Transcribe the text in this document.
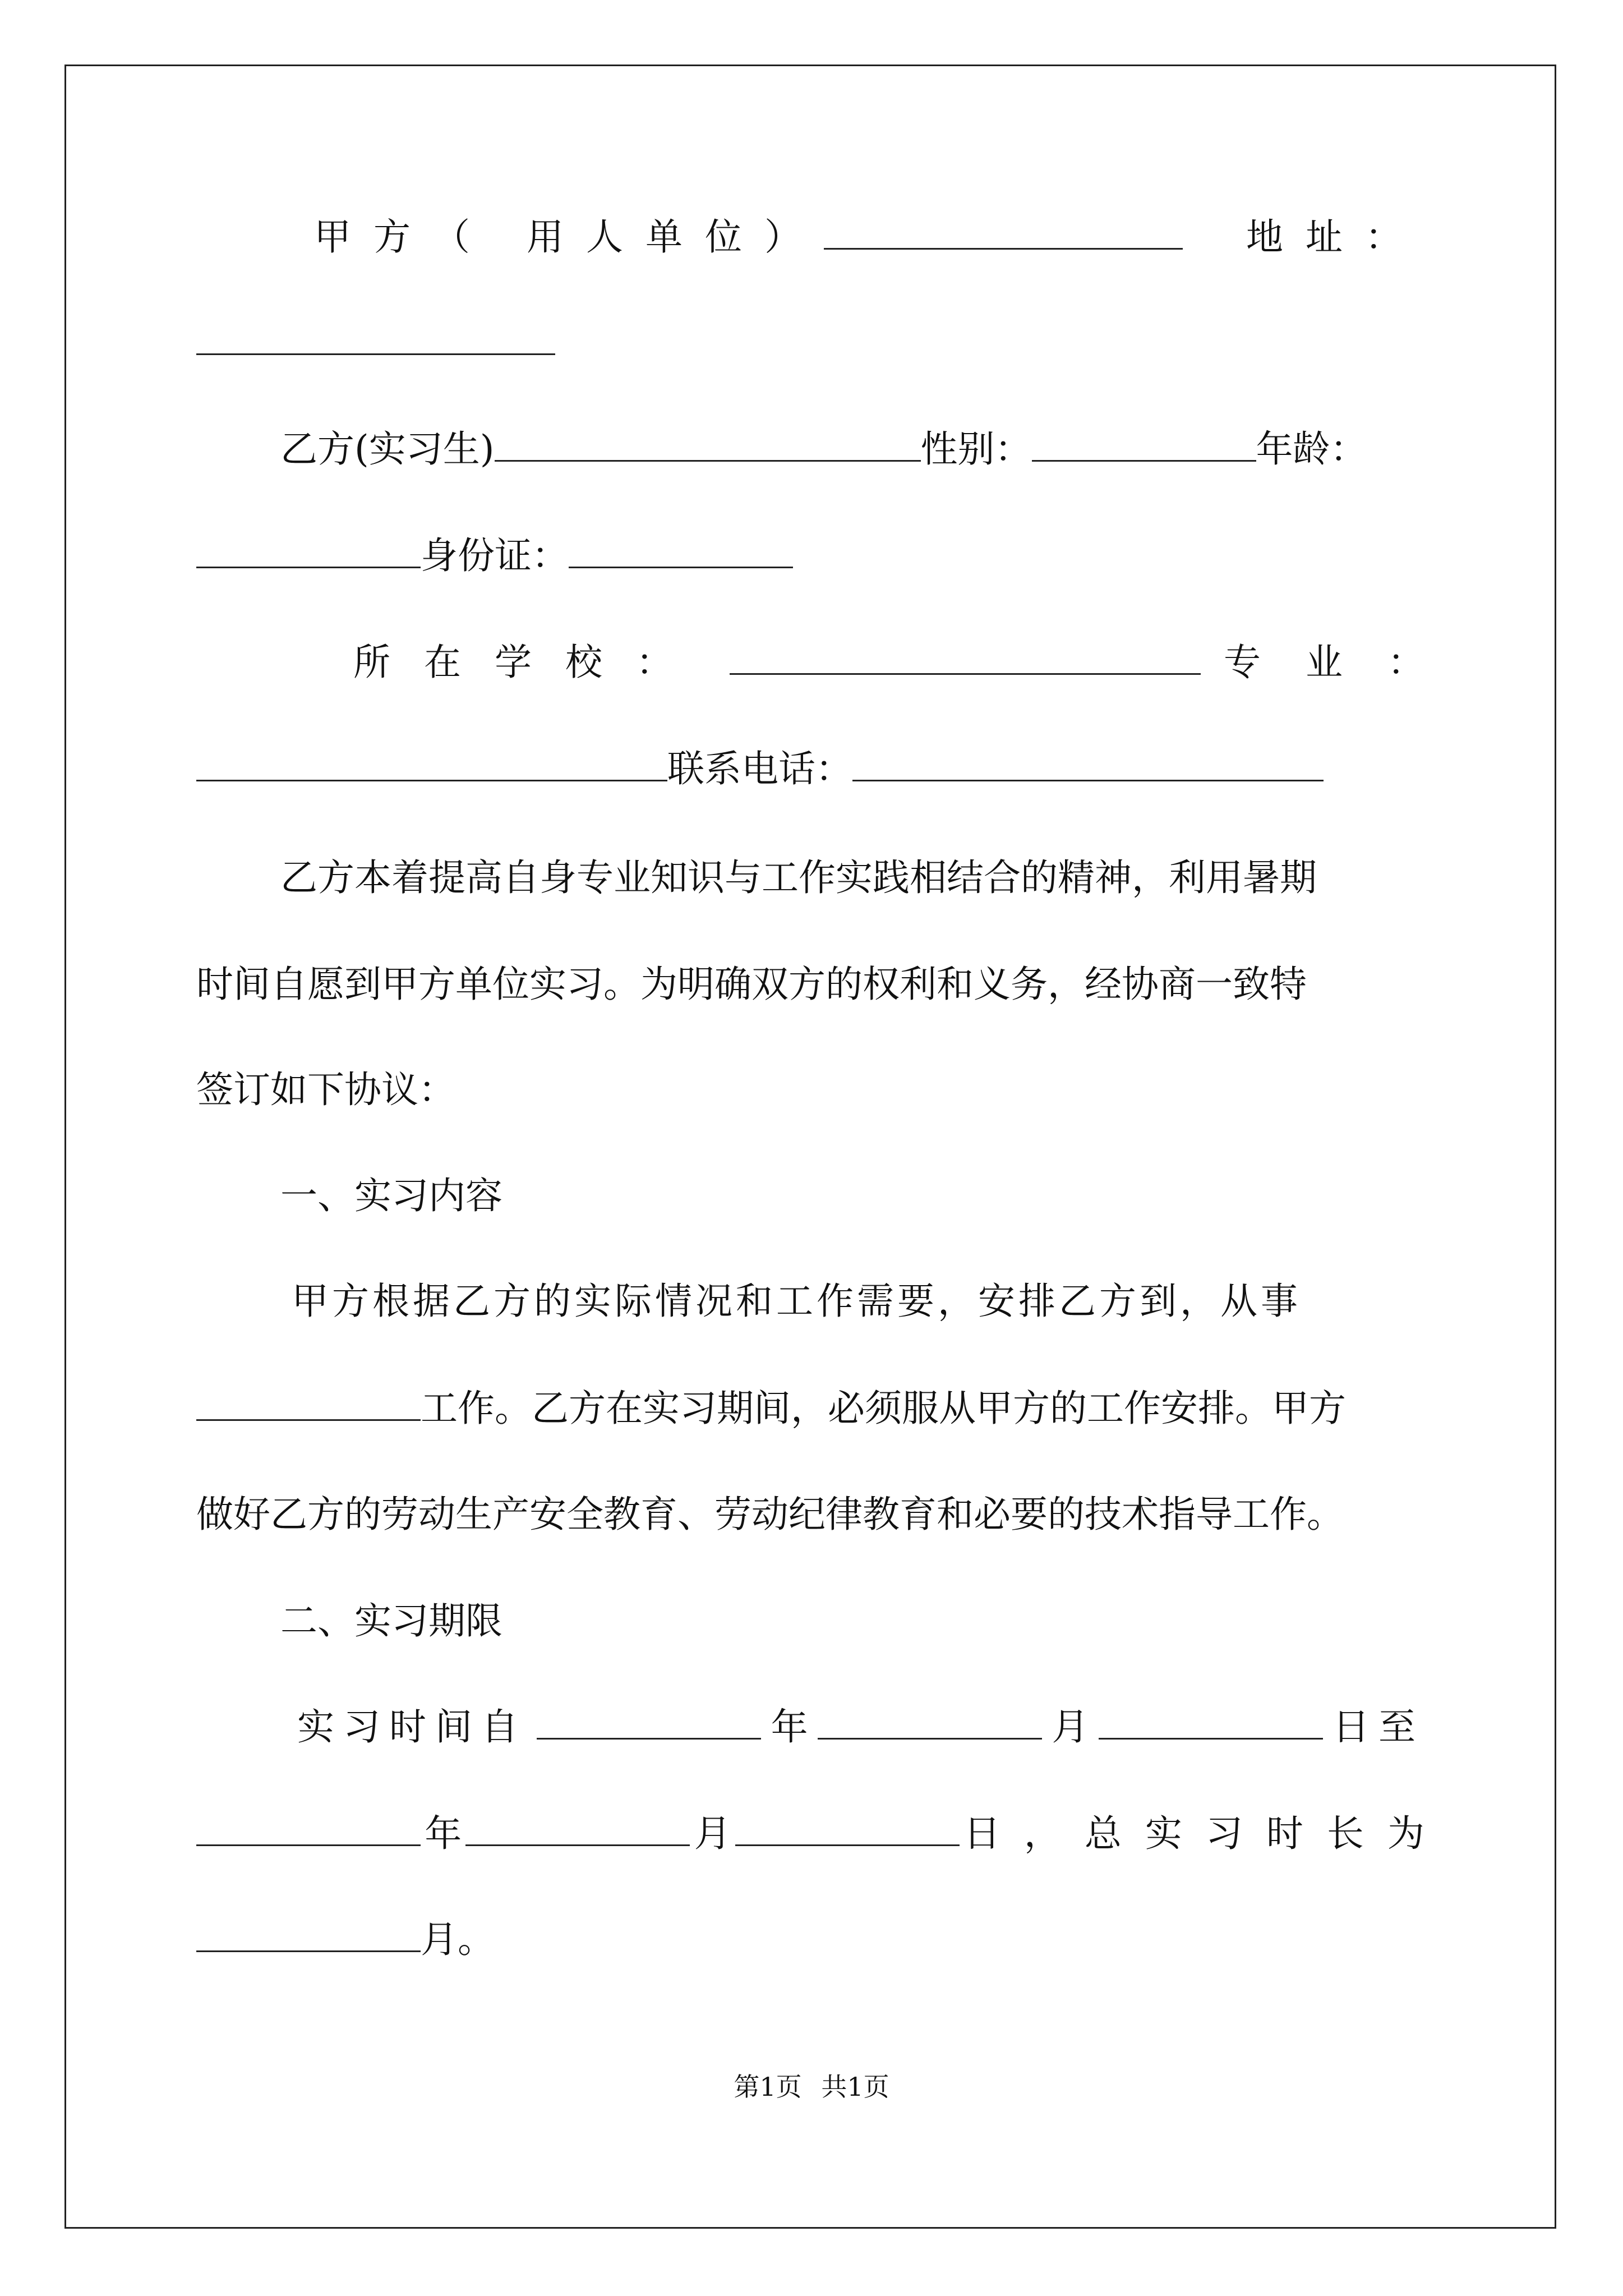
甲方（ 用人单位）	地址：
乙方(实习生)	性别：	年龄：
身份证：
所在学校：	专业：
联系电话：
乙方本着提高自身专业知识与工作实践相结合的精神，利用暑期
时间自愿到甲方单位实习。为明确双方的权利和义务，经协商一致特
签订如下协议：
一、实习内容
甲方根据乙方的实际情况和工作需要，安排乙方到，从事
工作。乙方在实习期间，必须服从甲方的工作安排。甲方
做好乙方的劳动生产安全教育、劳动纪律教育和必要的技术指导工作。
二、实习期限
实习时间自	年	月	日至
年	月	日，总实习时长为
月。
第1页 共1页
